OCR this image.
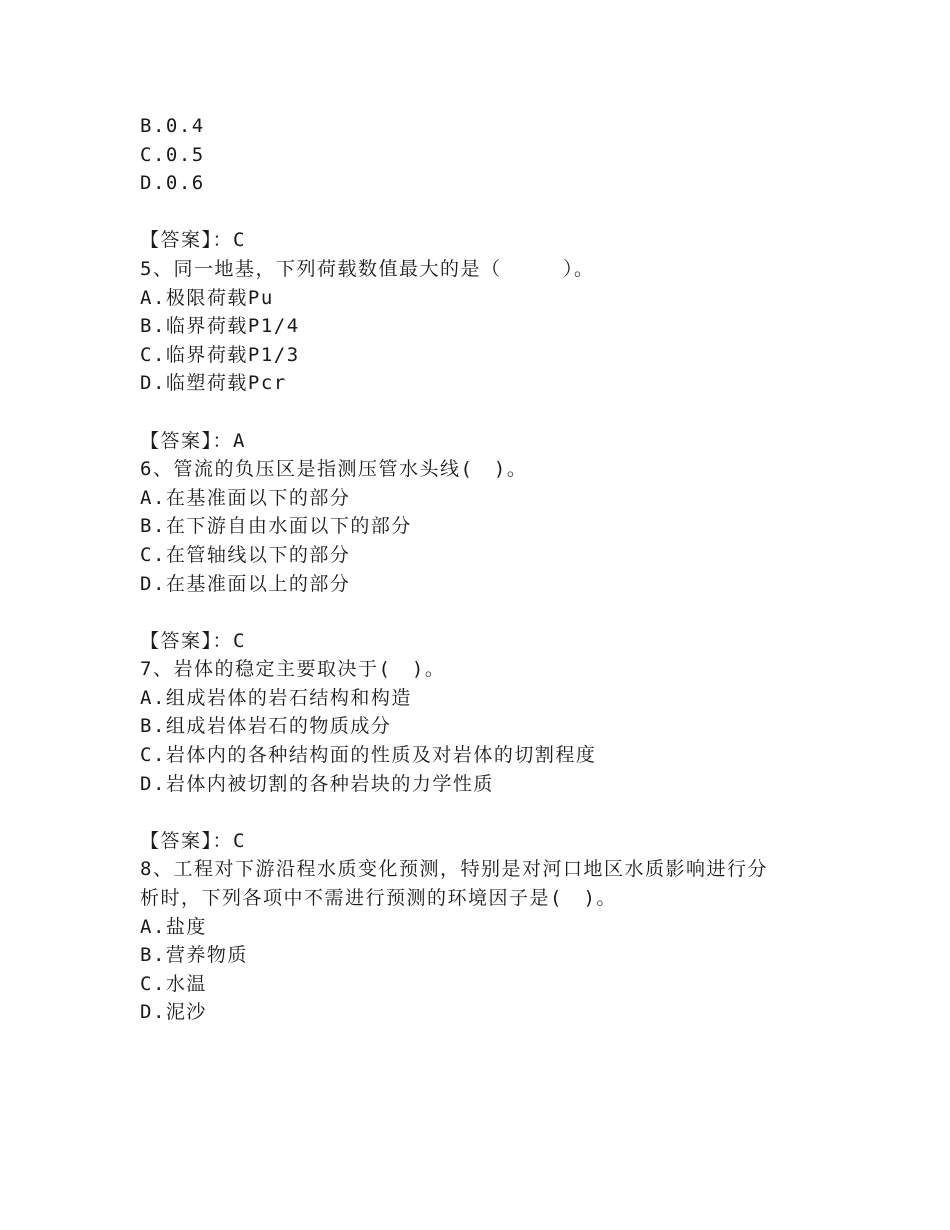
B.0.4
C.0.5
D.0.6
【答案】：C
5、同一地基，下列荷载数值最大的是（　　　）。
A.极限荷载Pu
B.临界荷载P1/4
C.临界荷载P1/3
D.临塑荷载Pcr
【答案】：A
6、管流的负压区是指测压管水头线(　)。
A.在基准面以下的部分
B.在下游自由水面以下的部分
C.在管轴线以下的部分
D.在基准面以上的部分
【答案】：C
7、岩体的稳定主要取决于(　)。
A.组成岩体的岩石结构和构造
B.组成岩体岩石的物质成分
C.岩体内的各种结构面的性质及对岩体的切割程度
D.岩体内被切割的各种岩块的力学性质
【答案】：C
8、工程对下游沿程水质变化预测，特别是对河口地区水质影响进行分
析时，下列各项中不需进行预测的环境因子是(　)。
A.盐度
B.营养物质
C.水温
D.泥沙
